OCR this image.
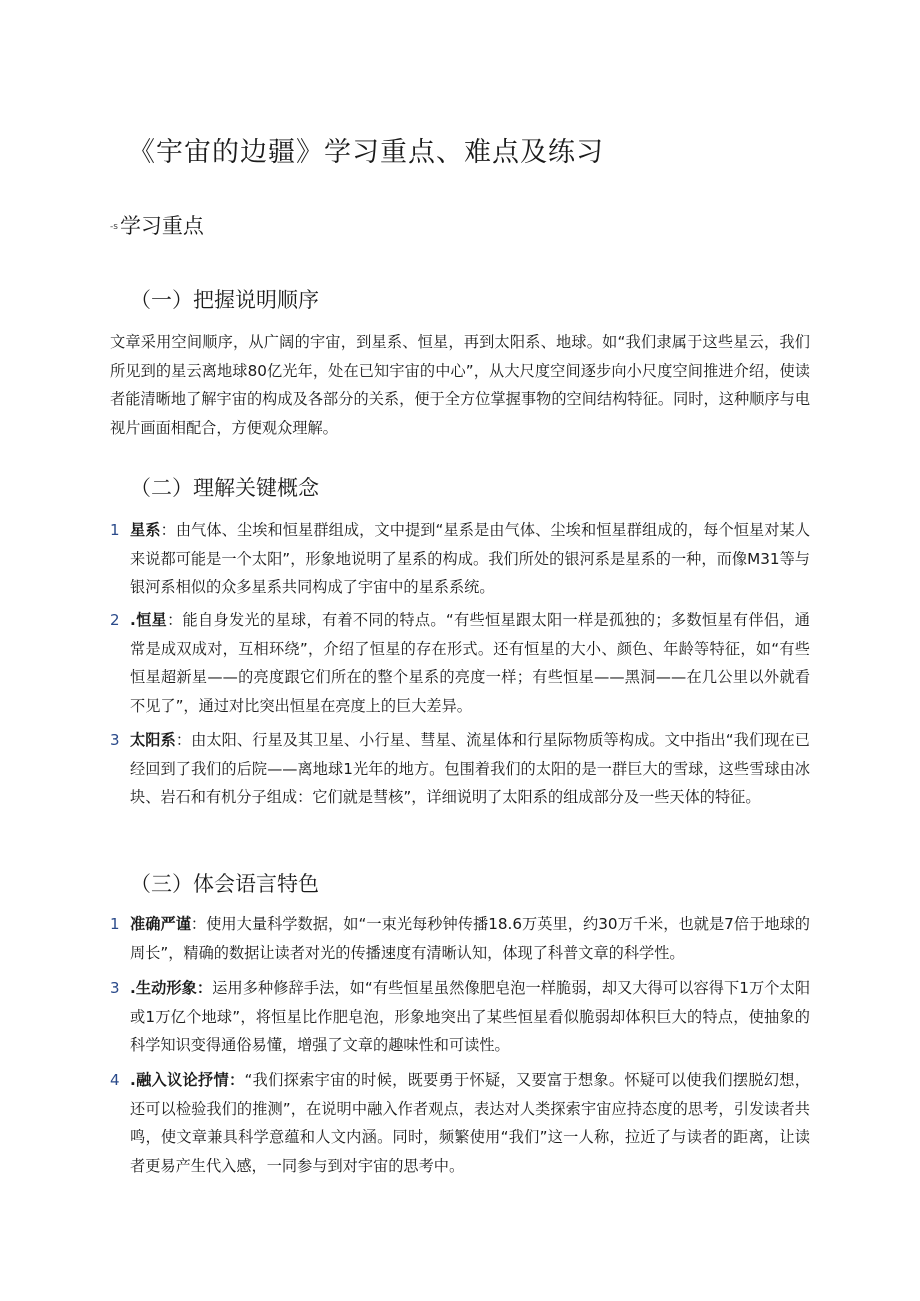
《宇宙的边疆》学习重点、难点及练习
-s学习重点
（一）把握说明顺序

文章采用空间顺序，从广阔的宇宙，到星系、恒星，再到太阳系、地球。如“我们隶属于这些星云，我们所见到的星云离地球80亿光年，处在已知宇宙的中心”，从大尺度空间逐步向小尺度空间推进介绍，使读者能清晰地了解宇宙的构成及各部分的关系，便于全方位掌握事物的空间结构特征。同时，这种顺序与电视片画面相配合，方便观众理解。

（二）理解关键概念
1 星系：由气体、尘埃和恒星群组成，文中提到“星系是由气体、尘埃和恒星群组成的，每个恒星对某人来说都可能是一个太阳”，形象地说明了星系的构成。我们所处的银河系是星系的一种，而像M31等与银河系相似的众多星系共同构成了宇宙中的星系系统。
2 .恒星：能自身发光的星球，有着不同的特点。“有些恒星跟太阳一样是孤独的；多数恒星有伴侣，通常是成双成对，互相环绕”，介绍了恒星的存在形式。还有恒星的大小、颜色、年龄等特征，如“有些恒星超新星——的亮度跟它们所在的整个星系的亮度一样；有些恒星——黑洞——在几公里以外就看不见了”，通过对比突出恒星在亮度上的巨大差异。
3 太阳系：由太阳、行星及其卫星、小行星、彗星、流星体和行星际物质等构成。文中指出“我们现在已经回到了我们的后院——离地球1光年的地方。包围着我们的太阳的是一群巨大的雪球，这些雪球由冰块、岩石和有机分子组成：它们就是彗核”，详细说明了太阳系的组成部分及一些天体的特征。
（三）体会语言特色
1 准确严谨：使用大量科学数据，如“一束光每秒钟传播18.6万英里，约30万千米，也就是7倍于地球的周长”，精确的数据让读者对光的传播速度有清晰认知，体现了科普文章的科学性。
3 .生动形象：运用多种修辞手法，如“有些恒星虽然像肥皂泡一样脆弱，却又大得可以容得下1万个太阳或1万亿个地球”，将恒星比作肥皂泡，形象地突出了某些恒星看似脆弱却体积巨大的特点，使抽象的科学知识变得通俗易懂，增强了文章的趣味性和可读性。
4 .融入议论抒情：“我们探索宇宙的时候，既要勇于怀疑，又要富于想象。怀疑可以使我们摆脱幻想，还可以检验我们的推测”，在说明中融入作者观点，表达对人类探索宇宙应持态度的思考，引发读者共鸣，使文章兼具科学意蕴和人文内涵。同时，频繁使用“我们”这一人称，拉近了与读者的距离，让读者更易产生代入感，一同参与到对宇宙的思考中。
